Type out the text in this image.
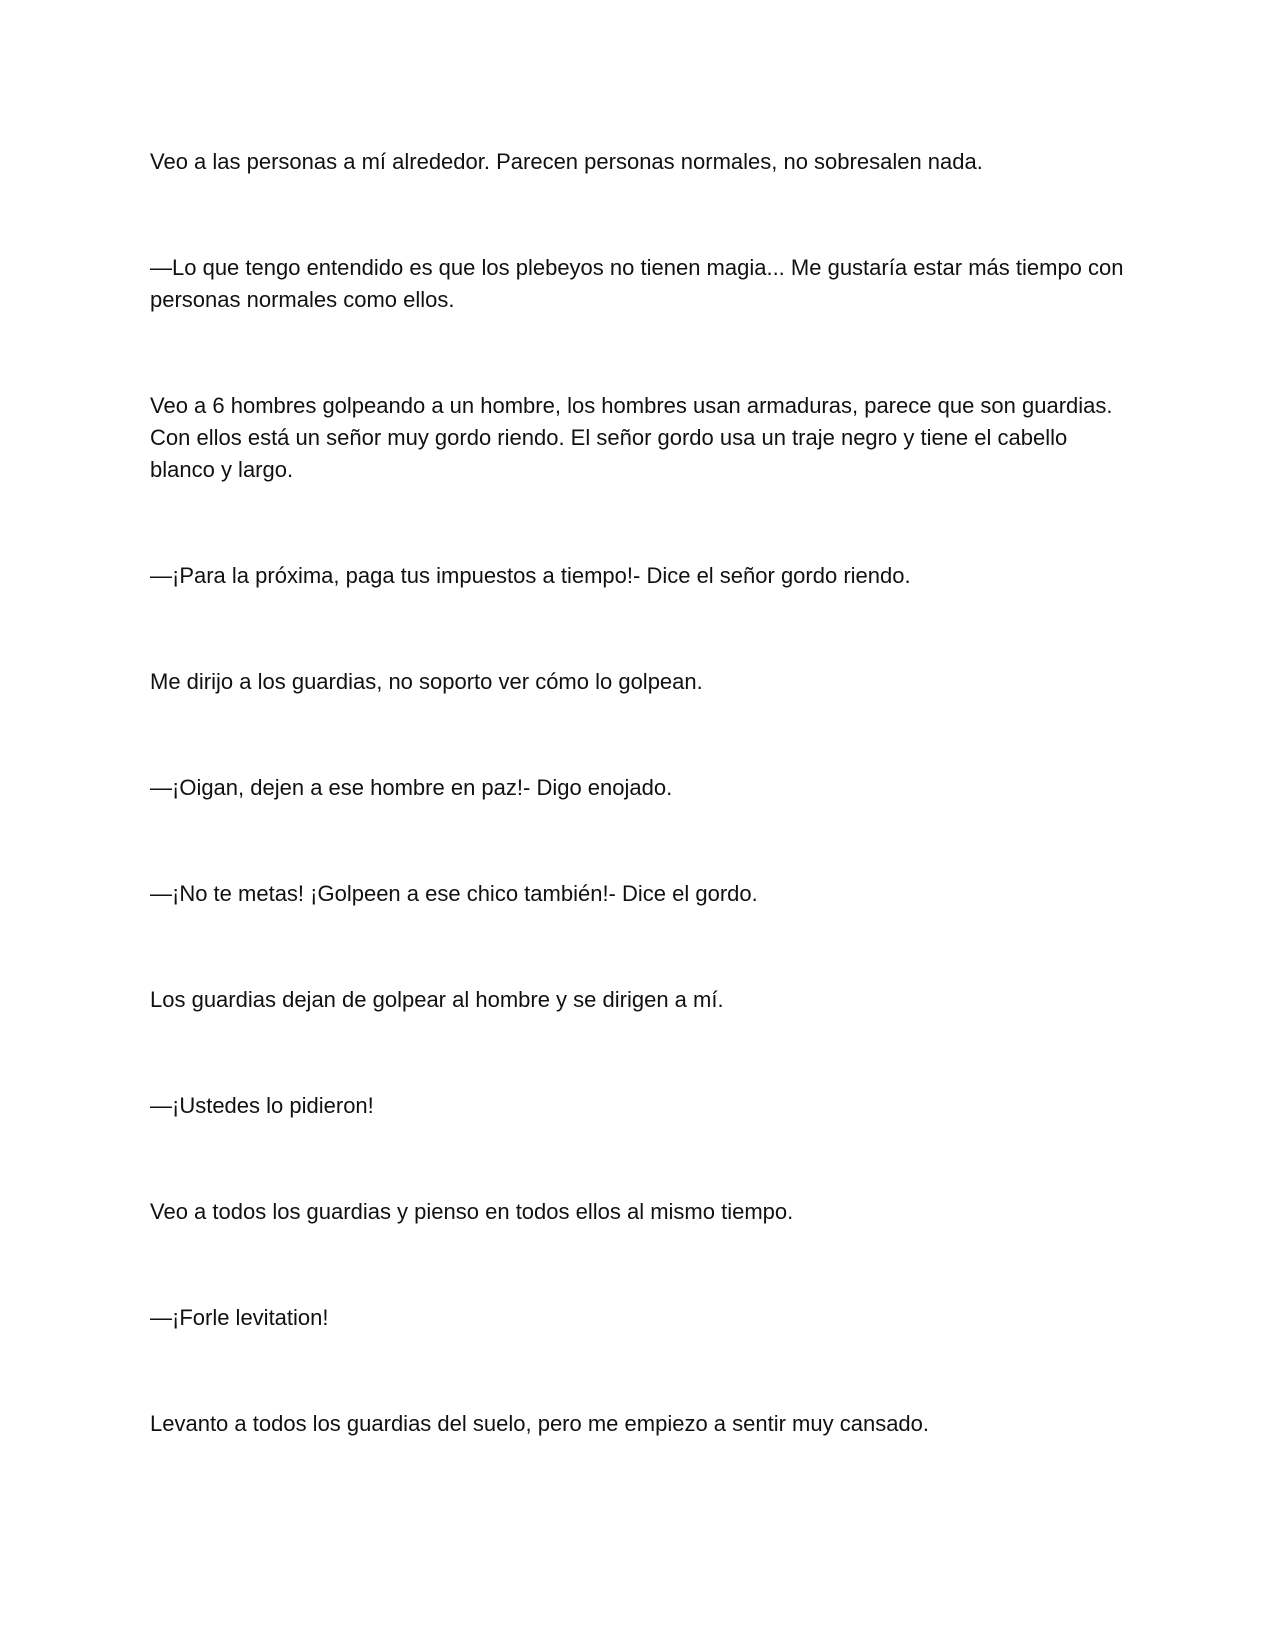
Veo a las personas a mí alrededor. Parecen personas normales, no sobresalen nada.

—Lo que tengo entendido es que los plebeyos no tienen magia... Me gustaría estar más tiempo con personas normales como ellos.

Veo a 6 hombres golpeando a un hombre, los hombres usan armaduras, parece que son guardias. Con ellos está un señor muy gordo riendo. El señor gordo usa un traje negro y tiene el cabello blanco y largo.

—¡Para la próxima, paga tus impuestos a tiempo!- Dice el señor gordo riendo.

Me dirijo a los guardias, no soporto ver cómo lo golpean.

—¡Oigan, dejen a ese hombre en paz!- Digo enojado.

—¡No te metas! ¡Golpeen a ese chico también!- Dice el gordo.

Los guardias dejan de golpear al hombre y se dirigen a mí.

—¡Ustedes lo pidieron!

Veo a todos los guardias y pienso en todos ellos al mismo tiempo.

—¡Forle levitation!

Levanto a todos los guardias del suelo, pero me empiezo a sentir muy cansado.
